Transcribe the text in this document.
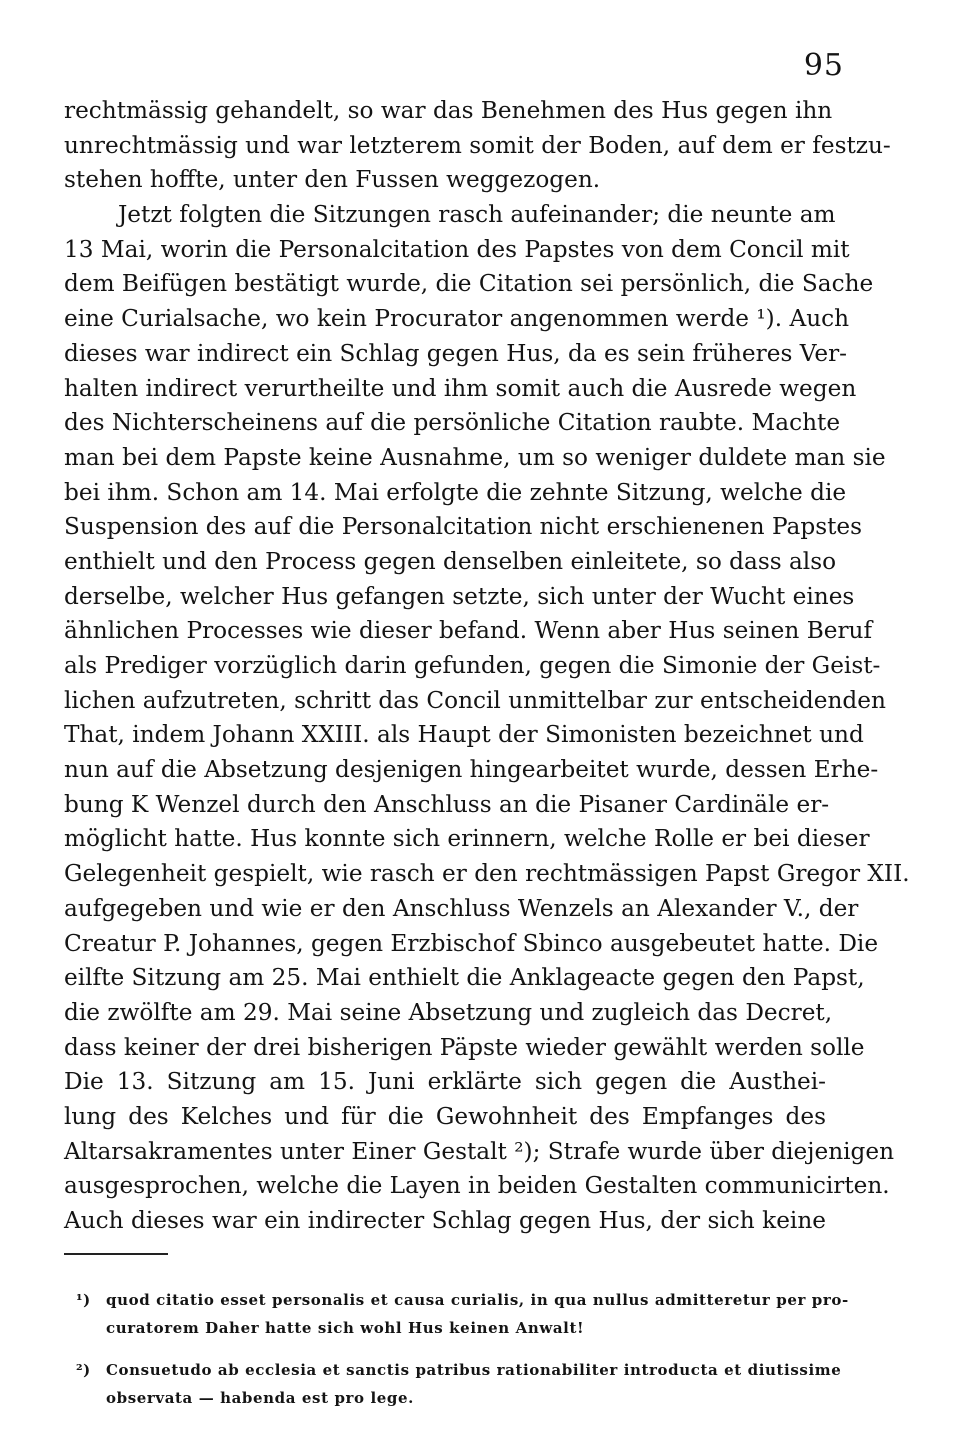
95
rechtmässig gehandelt, so war das Benehmen des Hus gegen ihn
unrechtmässig und war letzterem somit der Boden, auf dem er festzu-
stehen hoffte, unter den Fussen weggezogen.
Jetzt folgten die Sitzungen rasch aufeinander; die neunte am
13 Mai, worin die Personalcitation des Papstes von dem Concil mit
dem Beifügen bestätigt wurde, die Citation sei persönlich, die Sache
eine Curialsache, wo kein Procurator angenommen werde ¹). Auch
dieses war indirect ein Schlag gegen Hus, da es sein früheres Ver-
halten indirect verurtheilte und ihm somit auch die Ausrede wegen
des Nichterscheinens auf die persönliche Citation raubte. Machte
man bei dem Papste keine Ausnahme, um so weniger duldete man sie
bei ihm. Schon am 14. Mai erfolgte die zehnte Sitzung, welche die
Suspension des auf die Personalcitation nicht erschienenen Papstes
enthielt und den Process gegen denselben einleitete, so dass also
derselbe, welcher Hus gefangen setzte, sich unter der Wucht eines
ähnlichen Processes wie dieser befand. Wenn aber Hus seinen Beruf
als Prediger vorzüglich darin gefunden, gegen die Simonie der Geist-
lichen aufzutreten, schritt das Concil unmittelbar zur entscheidenden
That, indem Johann XXIII. als Haupt der Simonisten bezeichnet und
nun auf die Absetzung desjenigen hingearbeitet wurde, dessen Erhe-
bung K Wenzel durch den Anschluss an die Pisaner Cardinäle er-
möglicht hatte. Hus konnte sich erinnern, welche Rolle er bei dieser
Gelegenheit gespielt, wie rasch er den rechtmässigen Papst Gregor XII.
aufgegeben und wie er den Anschluss Wenzels an Alexander V., der
Creatur P. Johannes, gegen Erzbischof Sbinco ausgebeutet hatte. Die
eilfte Sitzung am 25. Mai enthielt die Anklageacte gegen den Papst,
die zwölfte am 29. Mai seine Absetzung und zugleich das Decret,
dass keiner der drei bisherigen Päpste wieder gewählt werden solle
Die 13. Sitzung am 15. Juni erklärte sich gegen die Austhei-
lung des Kelches und für die Gewohnheit des Empfanges des
Altarsakramentes unter Einer Gestalt ²); Strafe wurde über diejenigen
ausgesprochen, welche die Layen in beiden Gestalten communicirten.
Auch dieses war ein indirecter Schlag gegen Hus, der sich keine
¹) quod citatio esset personalis et causa curialis, in qua nullus admitteretur per pro-
curatorem Daher hatte sich wohl Hus keinen Anwalt!
²) Consuetudo ab ecclesia et sanctis patribus rationabiliter introducta et diutissime
observata — habenda est pro lege.
